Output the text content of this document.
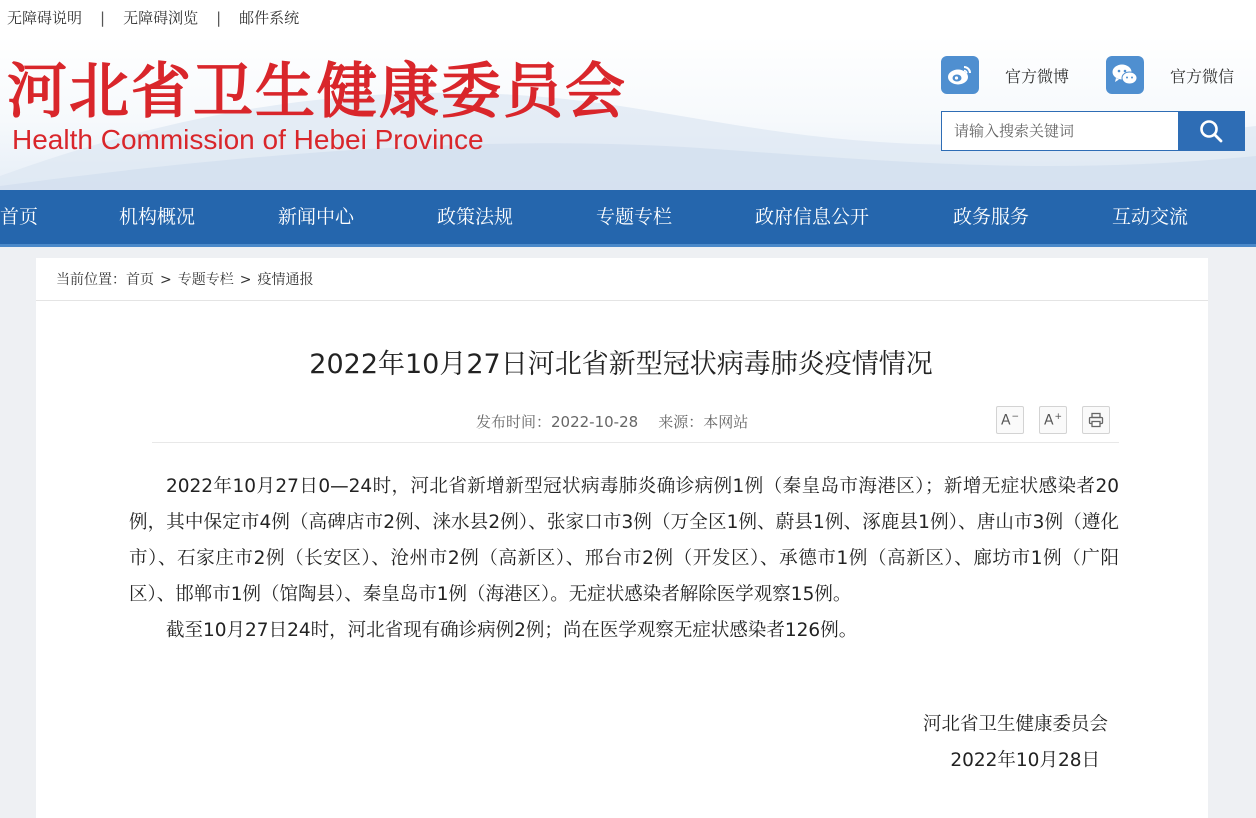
无障碍说明 | 无障碍浏览 | 邮件系统
河北省卫生健康委员会
Health Commission of Hebei Province
官方微博	官方微信
请输入搜索关键词
首页	机构概况	新闻中心	政策法规	专题专栏	政府信息公开	政务服务	互动交流
当前位置：首页 > 专题专栏 > 疫情通报
2022年10月27日河北省新型冠状病毒肺炎疫情情况
发布时间：2022-10-28 来源：本网站	A− A+

2022年10月27日0—24时，河北省新增新型冠状病毒肺炎确诊病例1例（秦皇岛市海港区）；新增无症状感染者20例，其中保定市4例（高碑店市2例、涞水县2例）、张家口市3例（万全区1例、蔚县1例、涿鹿县1例）、唐山市3例（遵化市）、石家庄市2例（长安区）、沧州市2例（高新区）、邢台市2例（开发区）、承德市1例（高新区）、廊坊市1例（广阳区）、邯郸市1例（馆陶县）、秦皇岛市1例（海港区）。无症状感染者解除医学观察15例。

截至10月27日24时，河北省现有确诊病例2例；尚在医学观察无症状感染者126例。

河北省卫生健康委员会
2022年10月28日
